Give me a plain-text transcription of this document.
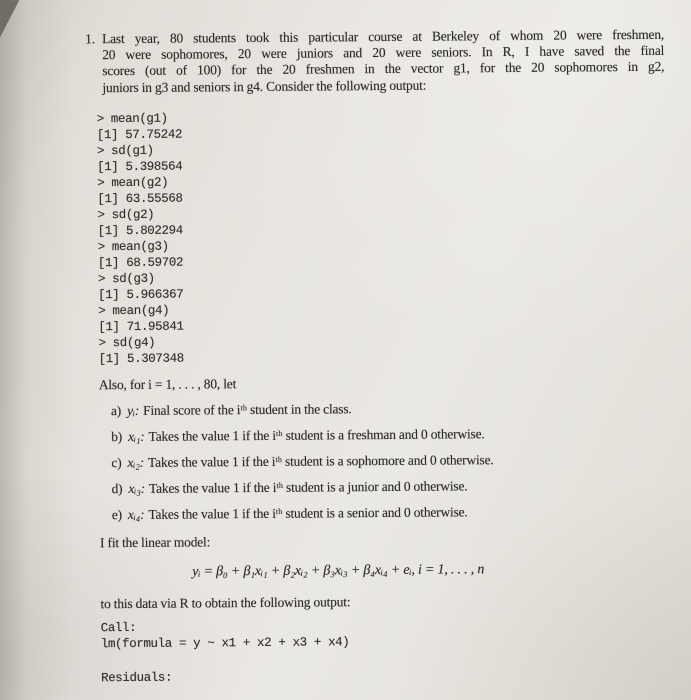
1. Last year, 80 students took this particular course at Berkeley of whom 20 were freshmen,
20 were sophomores, 20 were juniors and 20 were seniors. In R, I have saved the final
scores (out of 100) for the 20 freshmen in the vector g1, for the 20 sophomores in g2,
juniors in g3 and seniors in g4. Consider the following output:
> mean(g1)
[1] 57.75242
> sd(g1)
[1] 5.398564
> mean(g2)
[1] 63.55568
> sd(g2)
[1] 5.802294
> mean(g3)
[1] 68.59702
> sd(g3)
[1] 5.966367
> mean(g4)
[1] 71.95841
> sd(g4)
[1] 5.307348
Also, for i = 1, . . . , 80, let
a) yᵢ: Final score of the iᵗʰ student in the class.
b) xᵢ₁: Takes the value 1 if the iᵗʰ student is a freshman and 0 otherwise.
c) xᵢ₂: Takes the value 1 if the iᵗʰ student is a sophomore and 0 otherwise.
d) xᵢ₃: Takes the value 1 if the iᵗʰ student is a junior and 0 otherwise.
e) xᵢ₄: Takes the value 1 if the iᵗʰ student is a senior and 0 otherwise.
I fit the linear model:
yᵢ = β₀ + β₁xᵢ₁ + β₂xᵢ₂ + β₃xᵢ₃ + β₄xᵢ₄ + eᵢ, i = 1, . . . , n
to this data via R to obtain the following output:
Call:
lm(formula = y ~ x1 + x2 + x3 + x4)
Residuals:
